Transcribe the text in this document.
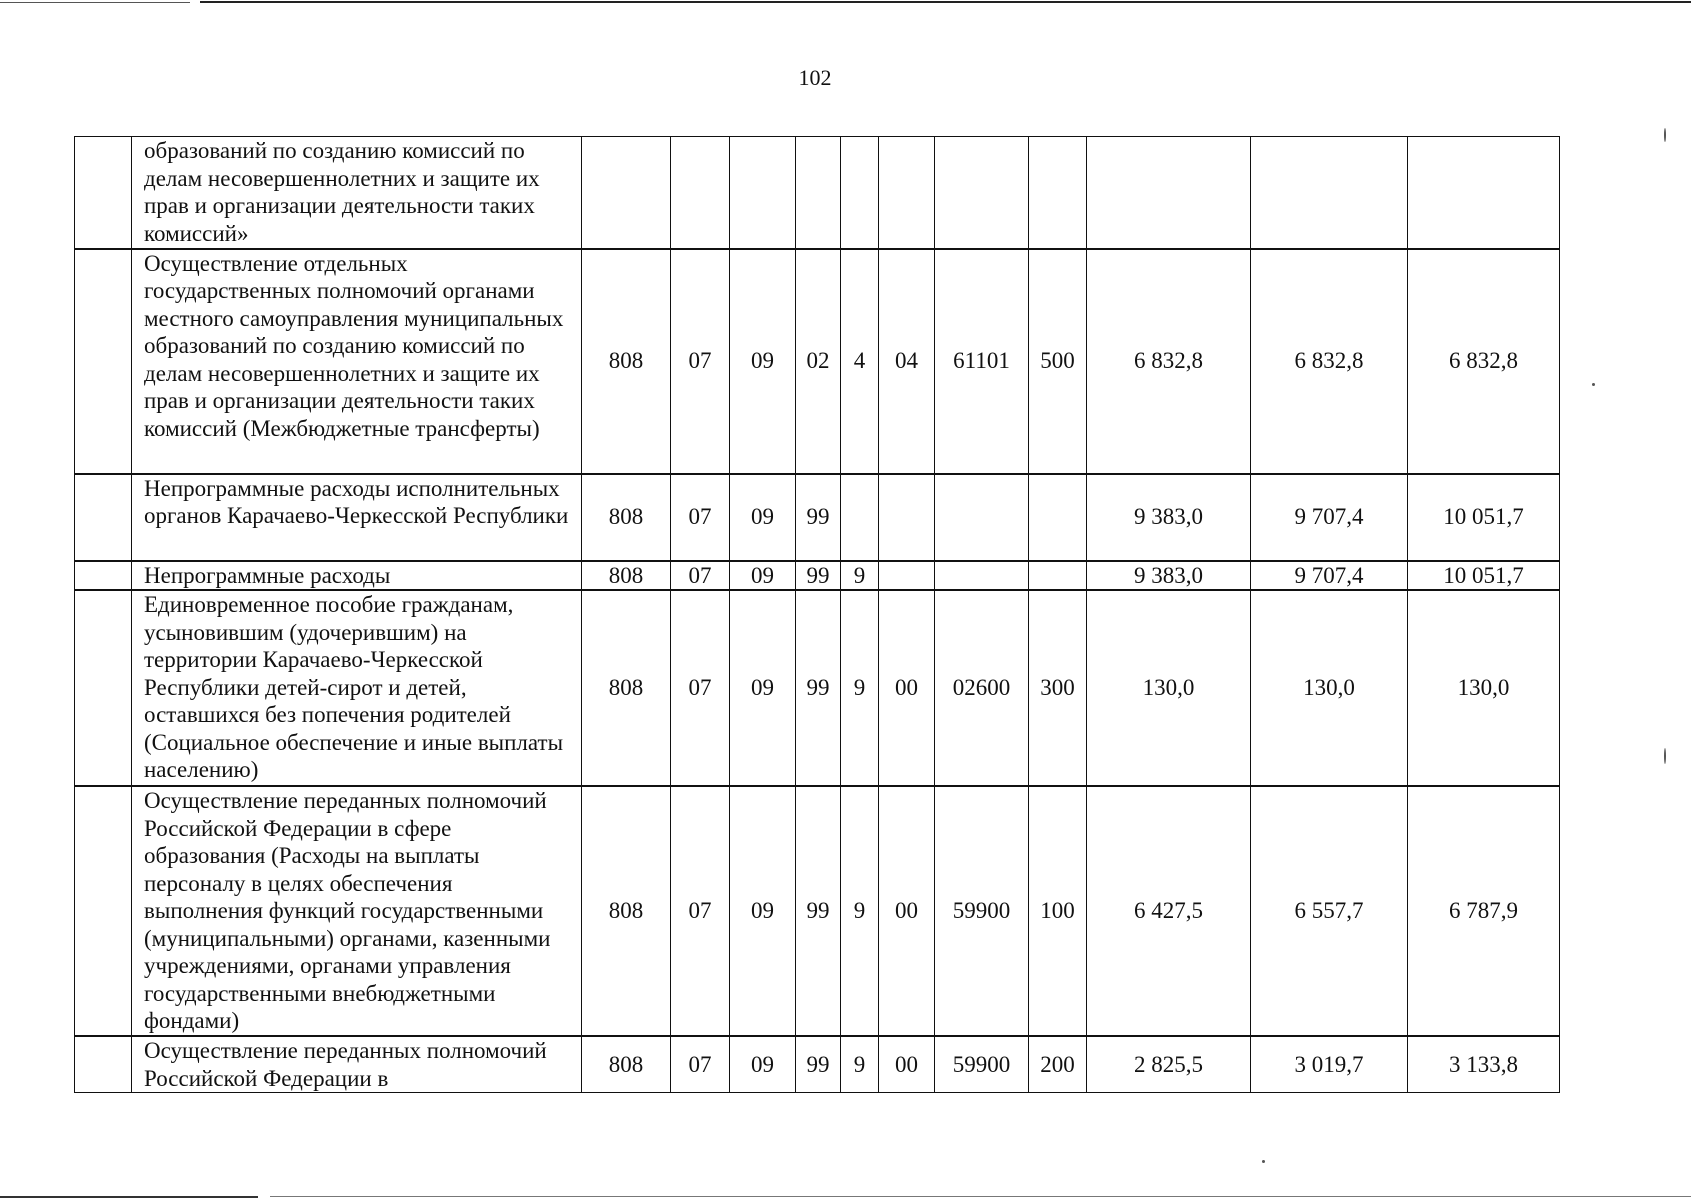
102
	образований по созданию комиссий по делам несовершеннолетних и защите их прав и организации деятельности таких комиссий»											
	Осуществление отдельных государственных полномочий органами местного самоуправления муниципальных образований по созданию комиссий по делам несовершеннолетних и защите их прав и организации деятельности таких комиссий (Межбюджетные трансферты)	808	07	09	02	4	04	61101	500	6 832,8	6 832,8	6 832,8
	Непрограммные расходы исполнительных органов Карачаево-Черкесской Республики	808	07	09	99					9 383,0	9 707,4	10 051,7
	Непрограммные расходы	808	07	09	99	9				9 383,0	9 707,4	10 051,7
	Единовременное пособие гражданам, усыновившим (удочерившим) на территории Карачаево-Черкесской Республики детей-сирот и детей, оставшихся без попечения родителей (Социальное обеспечение и иные выплаты населению)	808	07	09	99	9	00	02600	300	130,0	130,0	130,0
	Осуществление переданных полномочий Российской Федерации в сфере образования (Расходы на выплаты персоналу в целях обеспечения выполнения функций государственными (муниципальными) органами, казенными учреждениями, органами управления государственными внебюджетными фондами)	808	07	09	99	9	00	59900	100	6 427,5	6 557,7	6 787,9
	Осуществление переданных полномочий Российской Федерации в	808	07	09	99	9	00	59900	200	2 825,5	3 019,7	3 133,8
